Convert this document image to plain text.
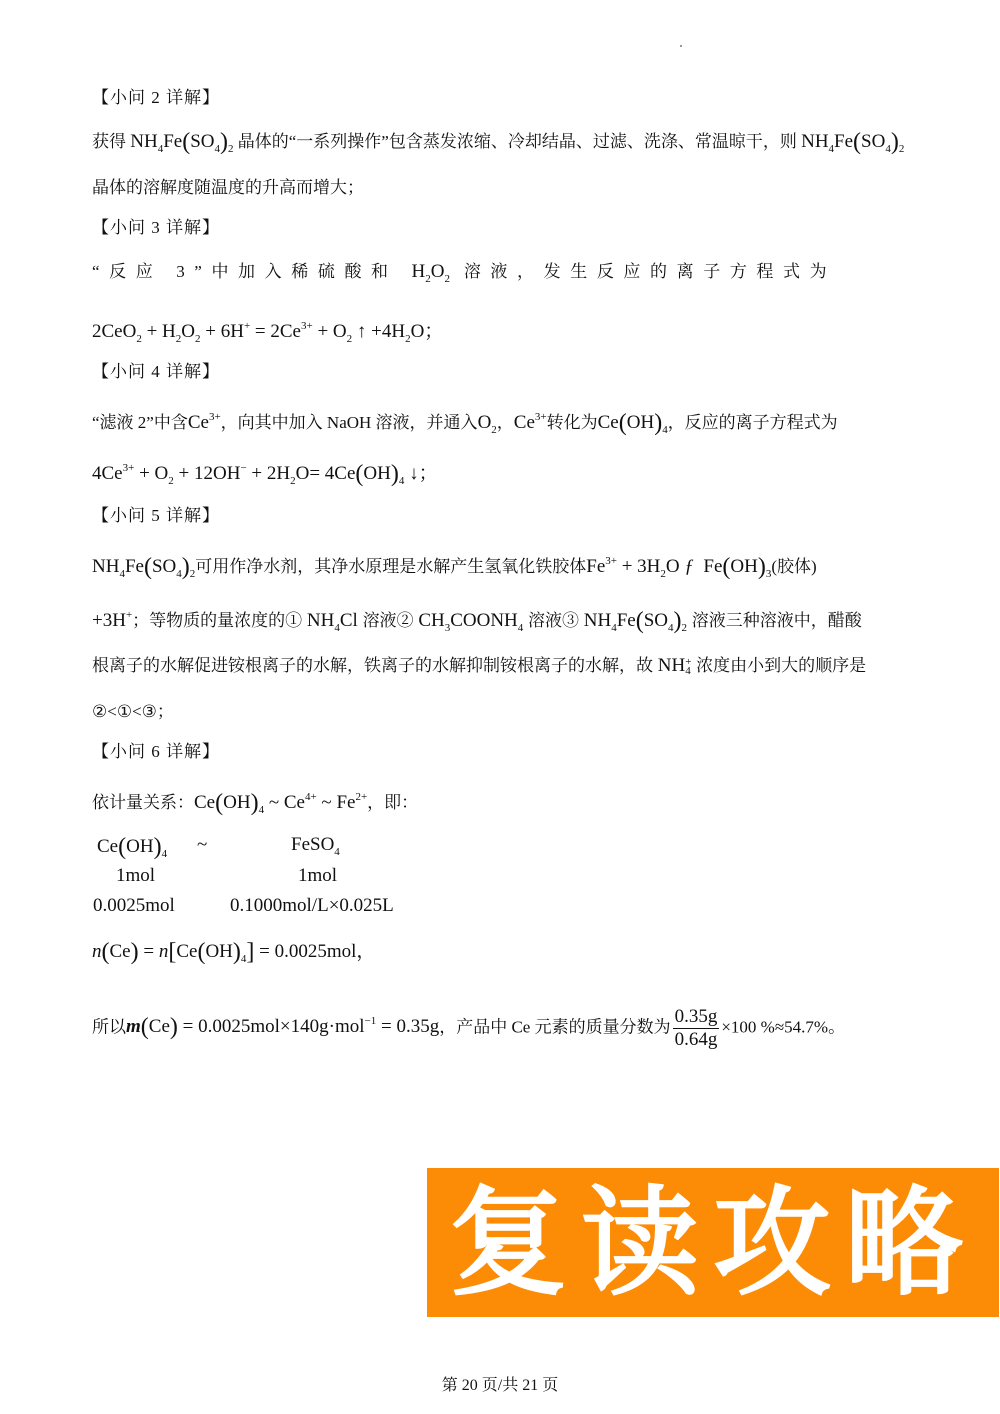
【小问 2 详解】
获得 $NH_4Fe(SO_4)_2$ 晶体的“一系列操作”包含蒸发浓缩、冷却结晶、过滤、洗涤、常温晾干，则 $NH_4Fe(SO_4)_2$
晶体的溶解度随温度的升高而增大；
【小问 3 详解】
“反应 3”中加入稀硫酸和 $H_2O_2$ 溶液，发生反应的离子方程式为
$2CeO_2 + H_2O_2 + 6H^+ = 2Ce^{3+} + O_2$ ↑ $+4H_2O$；
【小问 4 详解】
“滤液 2”中含$Ce^{3+}$，向其中加入 NaOH 溶液，并通入$O_2$，$Ce^{3+}$转化为$Ce(OH)_4$，反应的离子方程式为
$4Ce^{3+} + O_2 + 12OH^- + 2H_2O= 4Ce(OH)_4$ ↓；
【小问 5 详解】
$NH_4Fe(SO_4)_2$可用作净水剂，其净水原理是水解产生氢氧化铁胶体$Fe^{3+} + 3H_2O$ ƒ  $Fe(OH)_3$(胶体)
+3H+；等物质的量浓度的① $NH_4Cl$ 溶液② $CH_3COONH_4$ 溶液③ $NH_4Fe(SO_4)_2$ 溶液三种溶液中，醋酸
根离子的水解促进铵根离子的水解，铁离子的水解抑制铵根离子的水解，故 NH +
4 浓度由小到大的顺序是
②<①<③；
【小问 6 详解】
依计量关系：$Ce(OH)_4$ ~ $Ce^{4+}$ ~ $Fe^{2+}$，即：
$Ce(OH)_4$ ~	FeSO$_4$
1mol	1mol
0.0025mol	0.1000mol/L×0.025L
$n(Ce) = n[Ce(OH)_4] = 0.0025mol$，
所以m(Ce) = 0.0025mol×140g·mol$^{-1}$ = 0.35g，产品中 Ce 元素的质量分数为 $\frac{0.35g}{0.64g} \times 100$ %≈54.7%。
复读攻略
第 20 页/共 21 页
